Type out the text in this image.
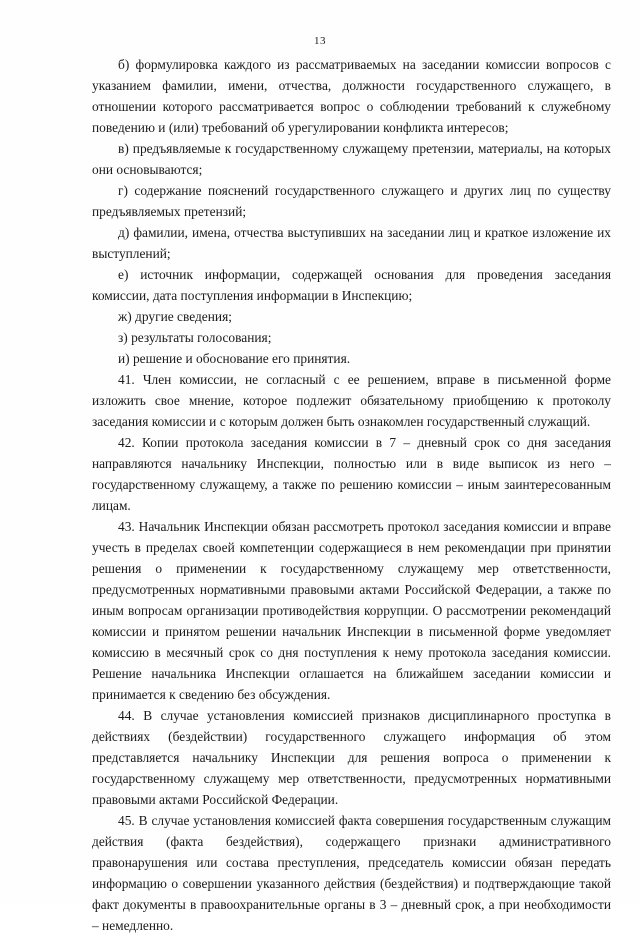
13

б) формулировка каждого из рассматриваемых на заседании комиссии вопросов с указанием фамилии, имени, отчества, должности государственного служащего, в отношении которого рассматривается вопрос о соблюдении требований к служебному поведению и (или) требований об урегулировании конфликта интересов;

в) предъявляемые к государственному служащему претензии, материалы, на которых они основываются;

г) содержание пояснений государственного служащего и других лиц по существу предъявляемых претензий;

д) фамилии, имена, отчества выступивших на заседании лиц и краткое изложение их выступлений;

е) источник информации, содержащей основания для проведения заседания комиссии, дата поступления информации в Инспекцию;

ж) другие сведения;

з) результаты голосования;

и) решение и обоснование его принятия.

41. Член комиссии, не согласный с ее решением, вправе в письменной форме изложить свое мнение, которое подлежит обязательному приобщению к протоколу заседания комиссии и с которым должен быть ознакомлен государственный служащий.

42. Копии протокола заседания комиссии в 7 – дневный срок со дня заседания направляются начальнику Инспекции, полностью или в виде выписок из него – государственному служащему, а также по решению комиссии – иным заинтересованным лицам.

43. Начальник Инспекции обязан рассмотреть протокол заседания комиссии и вправе учесть в пределах своей компетенции содержащиеся в нем рекомендации при принятии решения о применении к государственному служащему мер ответственности, предусмотренных нормативными правовыми актами Российской Федерации, а также по иным вопросам организации противодействия коррупции. О рассмотрении рекомендаций комиссии и принятом решении начальник Инспекции в письменной форме уведомляет комиссию в месячный срок со дня поступления к нему протокола заседания комиссии. Решение начальника Инспекции оглашается на ближайшем заседании комиссии и принимается к сведению без обсуждения.

44. В случае установления комиссией признаков дисциплинарного проступка в действиях (бездействии) государственного служащего информация об этом представляется начальнику Инспекции для решения вопроса о применении к государственному служащему мер ответственности, предусмотренных нормативными правовыми актами Российской Федерации.

45. В случае установления комиссией факта совершения государственным служащим действия (факта бездействия), содержащего признаки административного правонарушения или состава преступления, председатель комиссии обязан передать информацию о совершении указанного действия (бездействия) и подтверждающие такой факт документы в правоохранительные органы в 3 – дневный срок, а при необходимости – немедленно.
